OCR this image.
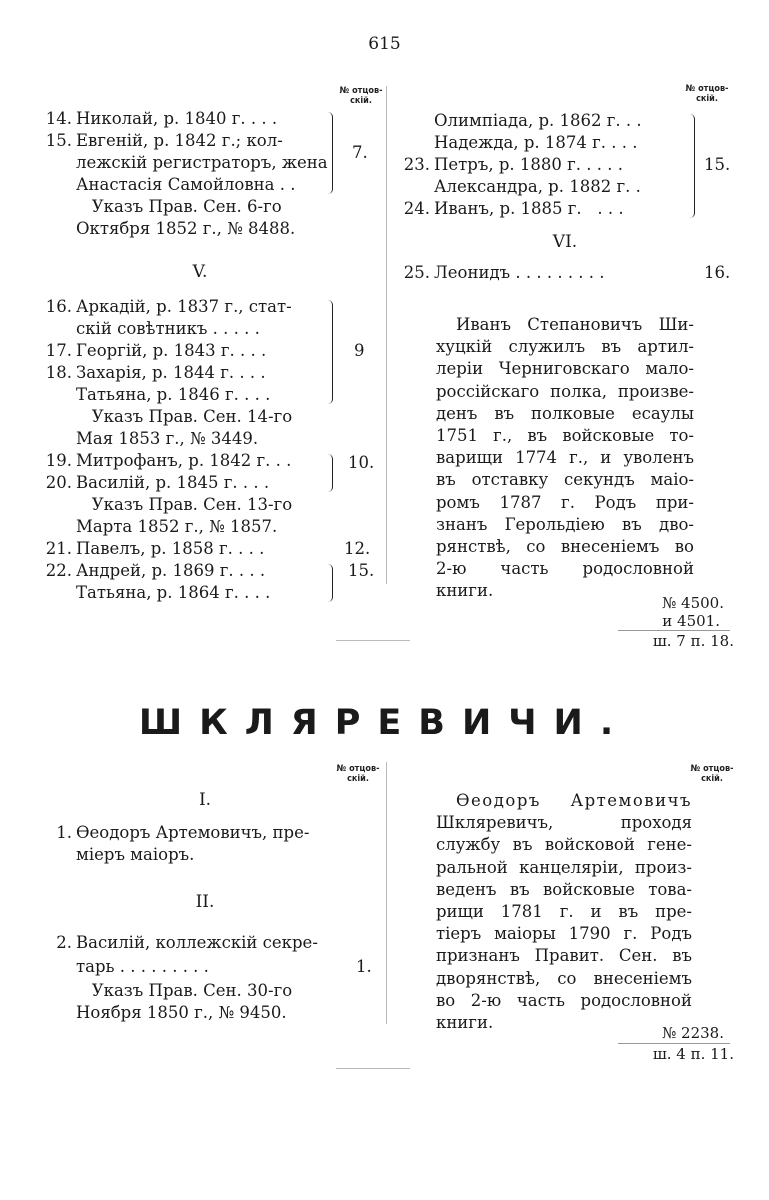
615
№ отцов-
скій.
№ отцов-
скій.
14. Николай, р. 1840 г. . . .
15. Евгеній, р. 1842 г.; кол-
лежскій регистраторъ, жена
Анастасія Самойловна . .
Указъ Прав. Сен. 6-го
Октября 1852 г., № 8488.
7.
V.
16. Аркадій, р. 1837 г., стат-
скій совѣтникъ . . . . .
17. Георгій, р. 1843 г. . . .
18. Захарія, р. 1844 г. . . .
Татьяна, р. 1846 г. . . .
Указъ Прав. Сен. 14-го
Мая 1853 г., № 3449.
19. Митрофанъ, р. 1842 г. . .
20. Василій, р. 1845 г. . . .
Указъ Прав. Сен. 13-го
Марта 1852 г., № 1857.
21. Павелъ, р. 1858 г. . . .
22. Андрей, р. 1869 г. . . .
Татьяна, р. 1864 г. . . .
9
10.
12.
15.
Олимпіада, р. 1862 г. . .
Надежда, р. 1874 г. . . .
23. Петръ, р. 1880 г. . . . .
Александра, р. 1882 г. .
24. Иванъ, р. 1885 г.   . . .
15.
VI.
25. Леонидъ . . . . . . . . .	16.
Иванъ Степановичъ Ши-
хуцкій служилъ въ артил-
леріи Черниговскаго мало-
россійскаго полка, произве-
денъ въ полковые есаулы
1751 г., въ войсковые то-
варищи 1774 г., и уволенъ
въ отставку секундъ маіо-
ромъ 1787 г. Родъ при-
знанъ Герольдіею въ дво-
рянствѣ, со внесеніемъ во
2-ю часть родословной
книги.
№ 4500.
и 4501.
ш. 7 п. 18.
ШКЛЯРЕВИЧИ.
№ отцов-
скій.
№ отцов-
скій.
I.
1. Ѳеодоръ Артемовичъ, пре-
міеръ маіоръ.
II.
2. Василій, коллежскій секре-
тарь . . . . . . . . .	1.
Указъ Прав. Сен. 30-го
Ноября 1850 г., № 9450.
Ѳеодоръ Артемовичъ
Шклярeвичъ, проходя
службу въ войсковой гене-
ральной канцеляріи, произ-
веденъ въ войсковые това-
рищи 1781 г. и въ пре-
тіеръ маіоры 1790 г. Родъ
признанъ Правит. Сен. въ
дворянствѣ, со внесеніемъ
во 2-ю часть родословной
книги.
№ 2238.
ш. 4 п. 11.
